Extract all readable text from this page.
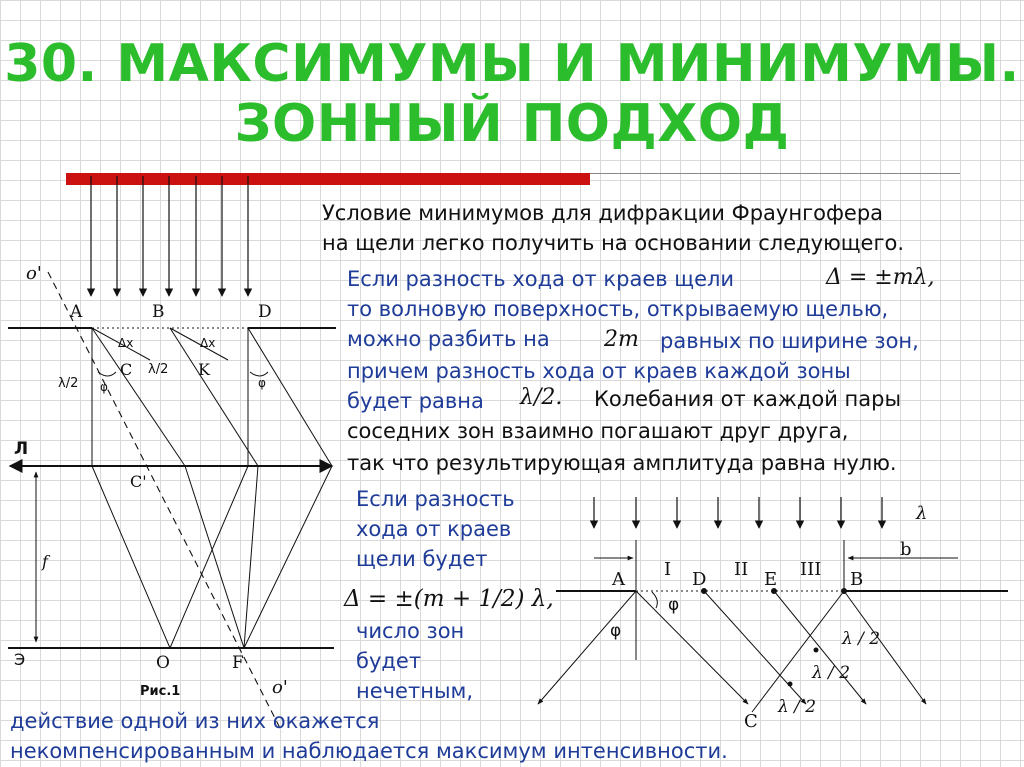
30. МАКСИМУМЫ И МИНИМУМЫ.
ЗОННЫЙ ПОДХОД
o'
A	B	D
Δx	Δx
C	K
λ/2
λ/2
φ	φ
Л
C'
f
Э	O	F
o'
Рис.1
λ
b
A I D II E III B
φ
φ	λ / 2
λ / 2
λ / 2
C
Условие минимумов для дифракции Фраунгофера
на щели легко получить на основании следующего.
Если разность хода от краев щели	Δ = ±mλ,
то волновую поверхность, открываемую щелью,
можно разбить на 2m равных по ширине зон,
причем разность хода от краев каждой зоны
будет равна λ/2. Колебания от каждой пары
соседних зон взаимно погашают друг друга,
так что результирующая амплитуда равна нулю.
Если разность
хода от краев
щели будет
Δ = ±(m + 1/2) λ,
число зон
будет
нечетным,
действие одной из них окажется
некомпенсированным и наблюдается максимум интенсивности.
